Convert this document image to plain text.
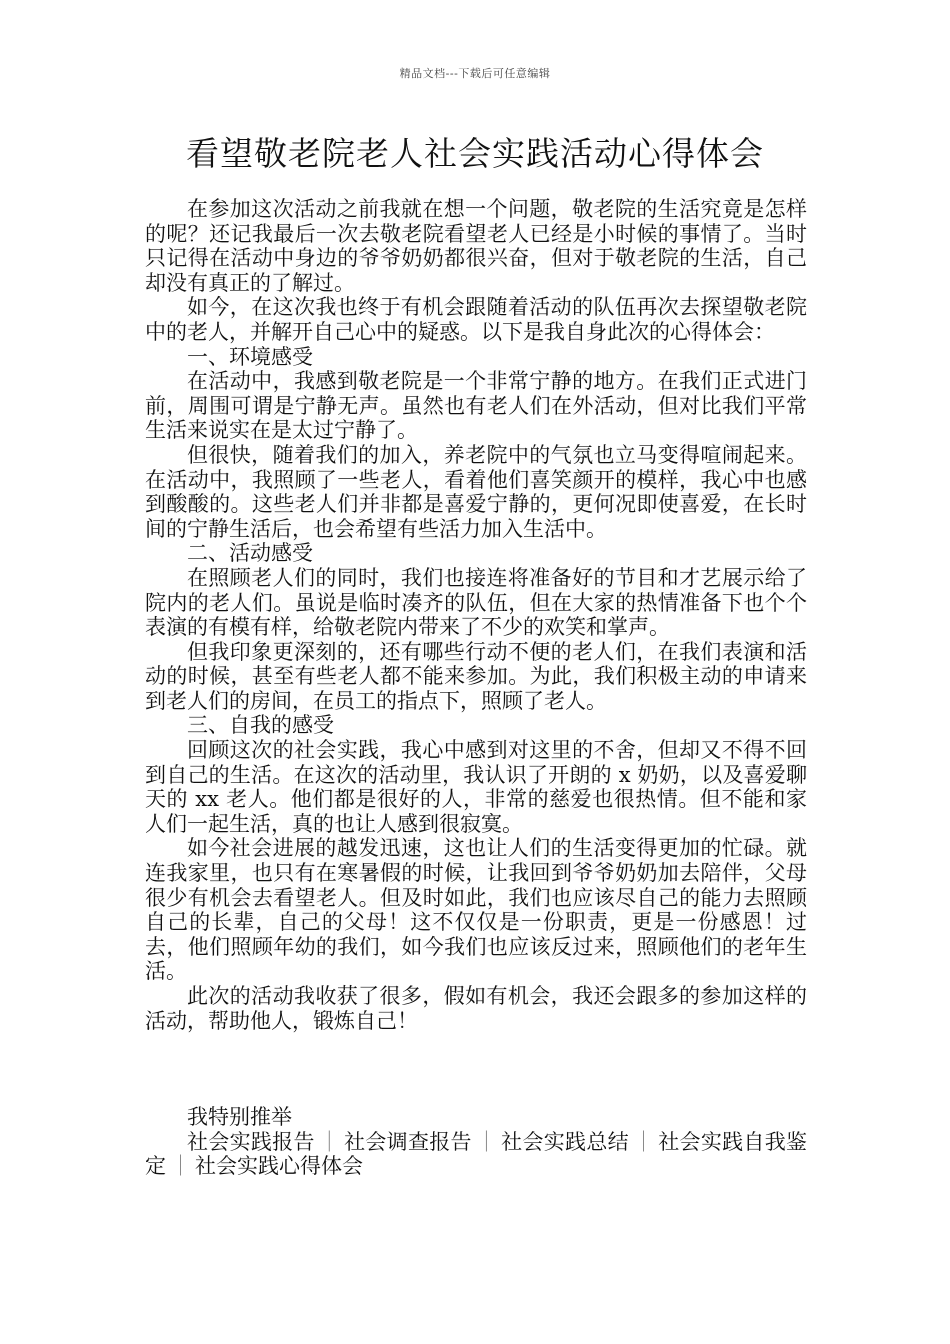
精品文档---下载后可任意编辑
看望敬老院老人社会实践活动心得体会

在参加这次活动之前我就在想一个问题，敬老院的生活究竟是怎样的呢？还记我最后一次去敬老院看望老人已经是小时候的事情了。当时只记得在活动中身边的爷爷奶奶都很兴奋，但对于敬老院的生活，自己却没有真正的了解过。

如今，在这次我也终于有机会跟随着活动的队伍再次去探望敬老院中的老人，并解开自己心中的疑惑。以下是我自身此次的心得体会：

一、环境感受

在活动中，我感到敬老院是一个非常宁静的地方。在我们正式进门前，周围可谓是宁静无声。虽然也有老人们在外活动，但对比我们平常生活来说实在是太过宁静了。

但很快，随着我们的加入，养老院中的气氛也立马变得喧闹起来。在活动中，我照顾了一些老人，看着他们喜笑颜开的模样，我心中也感到酸酸的。这些老人们并非都是喜爱宁静的，更何况即使喜爱，在长时间的宁静生活后，也会希望有些活力加入生活中。

二、活动感受

在照顾老人们的同时，我们也接连将准备好的节目和才艺展示给了院内的老人们。虽说是临时凑齐的队伍，但在大家的热情准备下也个个表演的有模有样，给敬老院内带来了不少的欢笑和掌声。

但我印象更深刻的，还有哪些行动不便的老人们，在我们表演和活动的时候，甚至有些老人都不能来参加。为此，我们积极主动的申请来到老人们的房间，在员工的指点下，照顾了老人。

三、自我的感受

回顾这次的社会实践，我心中感到对这里的不舍，但却又不得不回到自己的生活。在这次的活动里，我认识了开朗的 x 奶奶，以及喜爱聊天的 xx 老人。他们都是很好的人，非常的慈爱也很热情。但不能和家人们一起生活，真的也让人感到很寂寞。

如今社会进展的越发迅速，这也让人们的生活变得更加的忙碌。就连我家里，也只有在寒暑假的时候，让我回到爷爷奶奶加去陪伴，父母很少有机会去看望老人。但及时如此，我们也应该尽自己的能力去照顾自己的长辈，自己的父母！这不仅仅是一份职责，更是一份感恩！过去，他们照顾年幼的我们，如今我们也应该反过来，照顾他们的老年生活。

此次的活动我收获了很多，假如有机会，我还会跟多的参加这样的活动，帮助他人，锻炼自己！

我特别推举

社会实践报告 ｜ 社会调查报告 ｜ 社会实践总结 ｜ 社会实践自我鉴定 ｜ 社会实践心得体会
